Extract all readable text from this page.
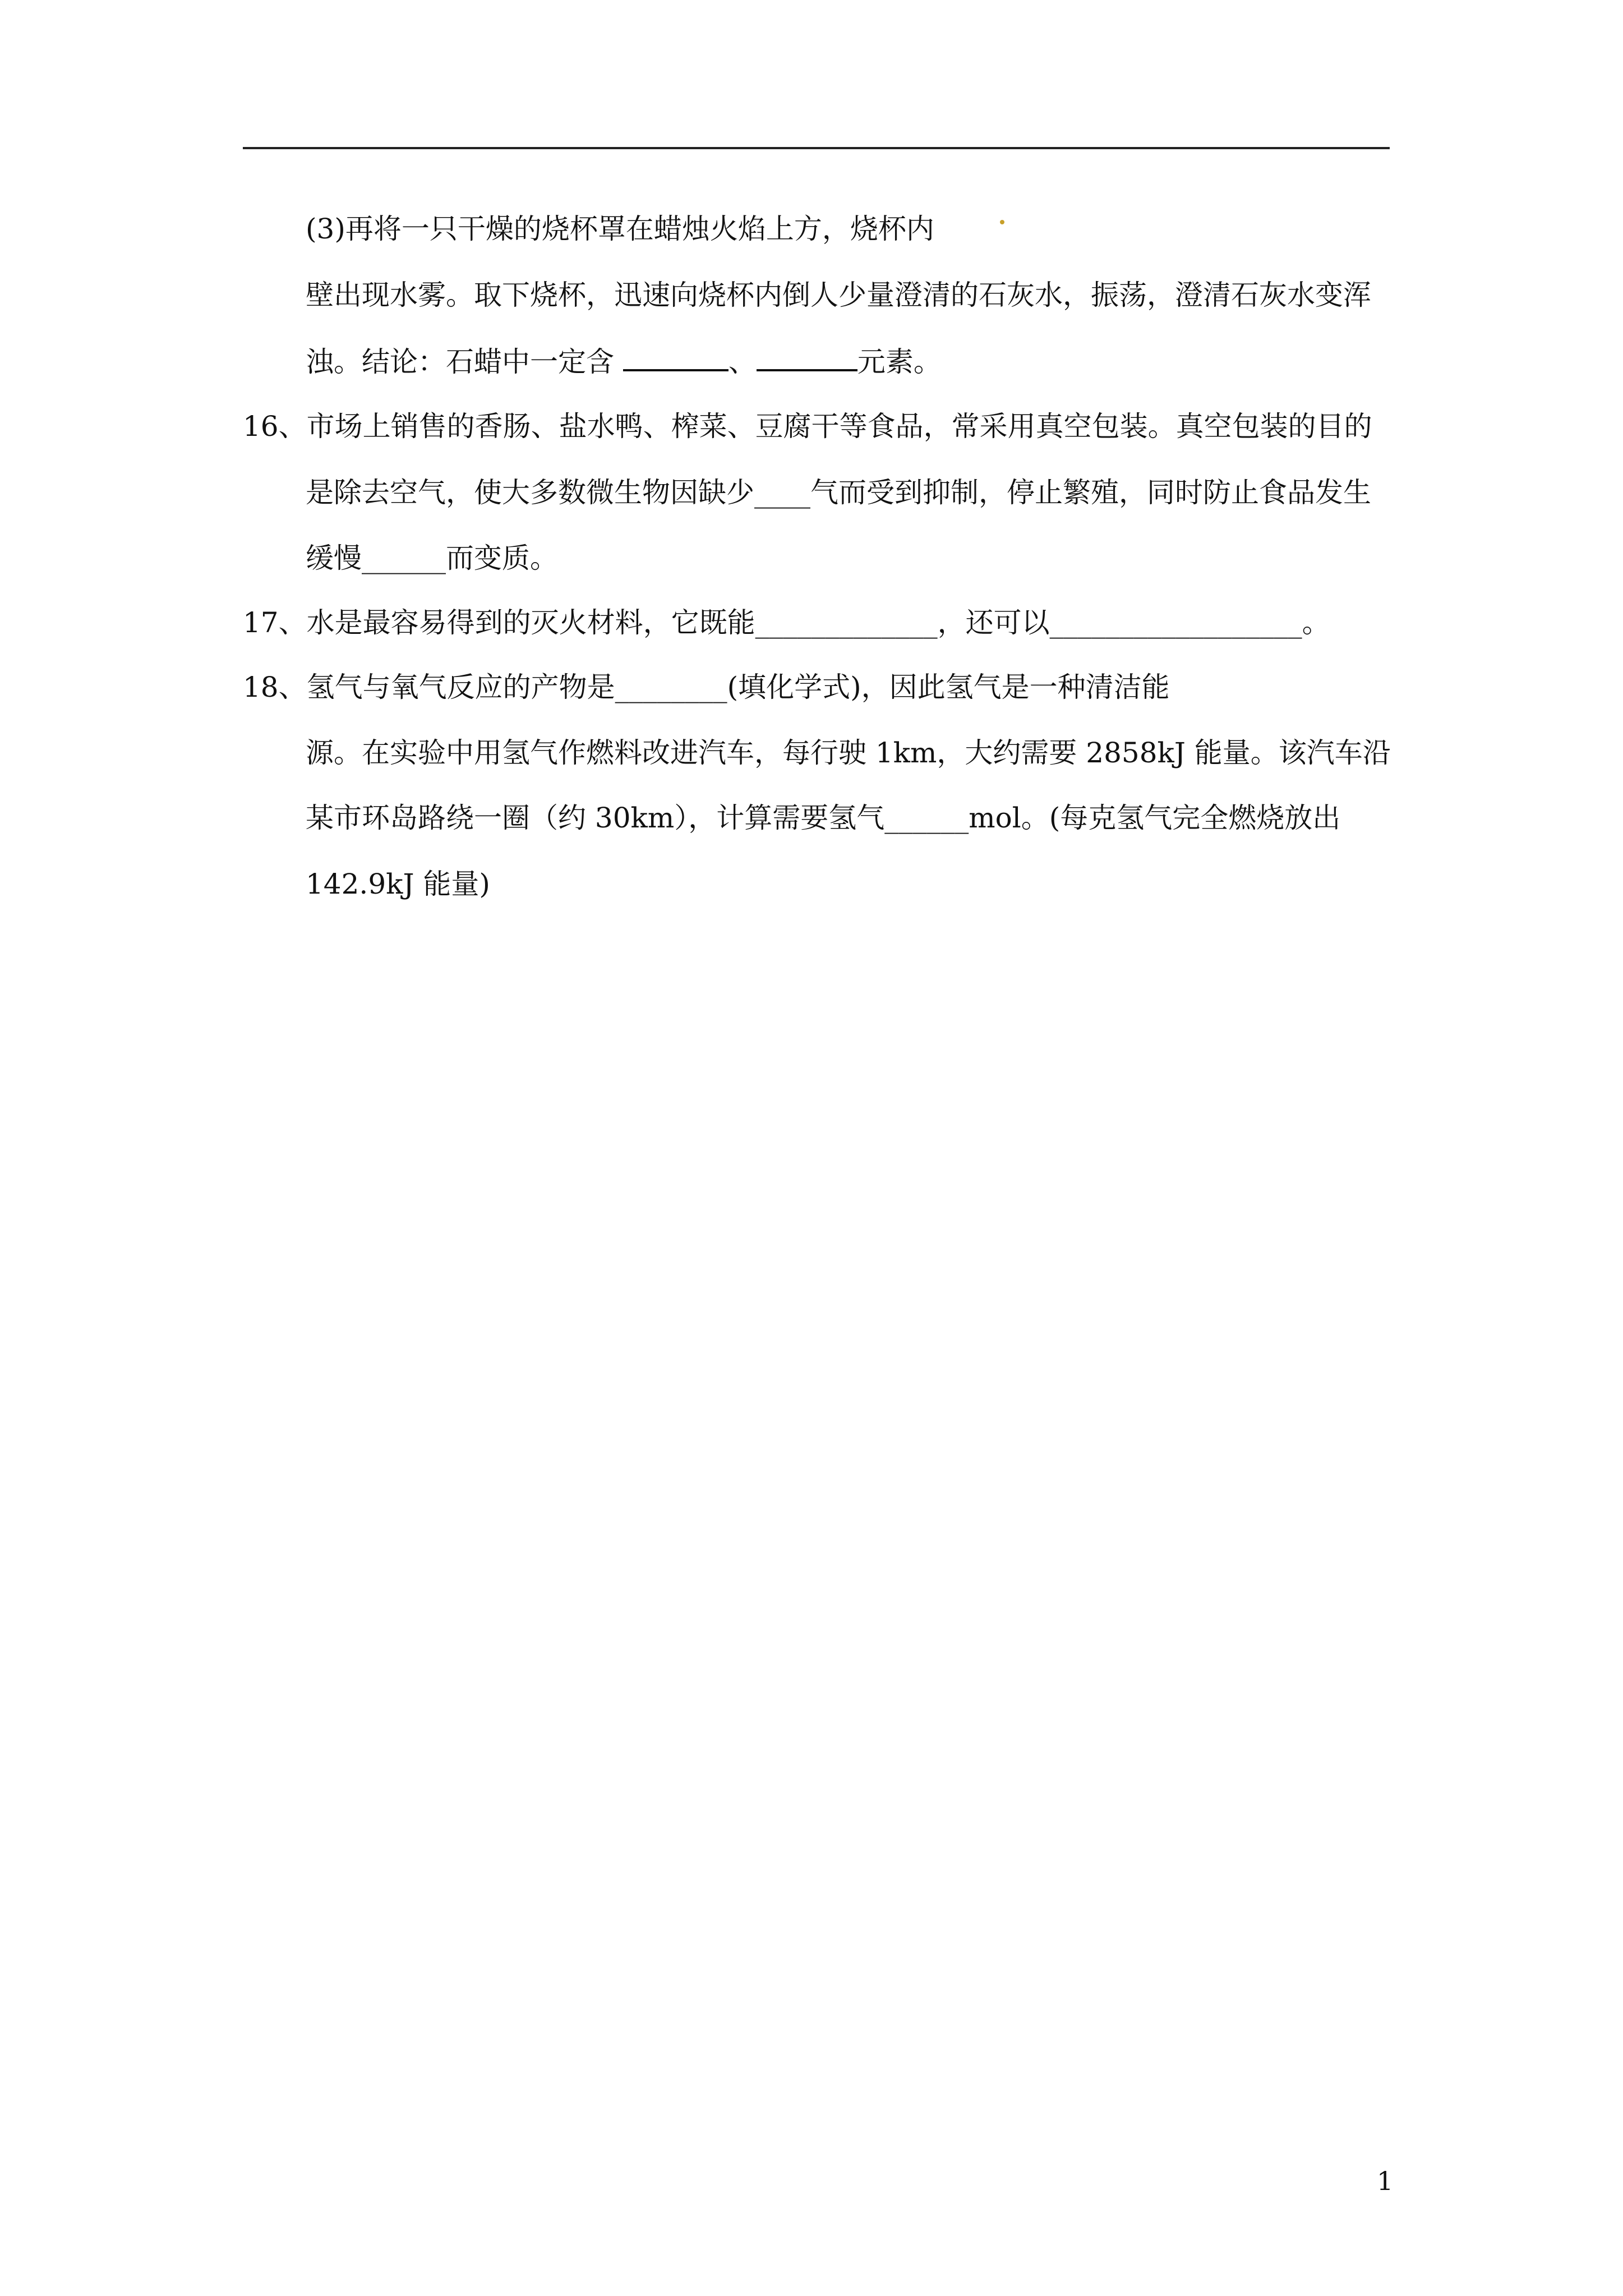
(3)再将一只干燥的烧杯罩在蜡烛火焰上方，烧杯内
壁出现水雾。取下烧杯，迅速向烧杯内倒人少量澄清的石灰水，振荡，澄清石灰水变浑
浊。结论：石蜡中一定含	、	元素。
16、市场上销售的香肠、盐水鸭、榨菜、豆腐干等食品，常采用真空包装。真空包装的目的
是除去空气，使大多数微生物因缺少____气而受到抑制，停止繁殖，同时防止食品发生
缓慢______而变质。
17、水是最容易得到的灭火材料，它既能_____________，还可以__________________。
18、氢气与氧气反应的产物是________(填化学式)，因此氢气是一种清洁能
源。在实验中用氢气作燃料改进汽车，每行驶 1km，大约需要 2858kJ 能量。该汽车沿
某市环岛路绕一圈（约 30km），计算需要氢气______mol。(每克氢气完全燃烧放出
142.9kJ 能量)
1
